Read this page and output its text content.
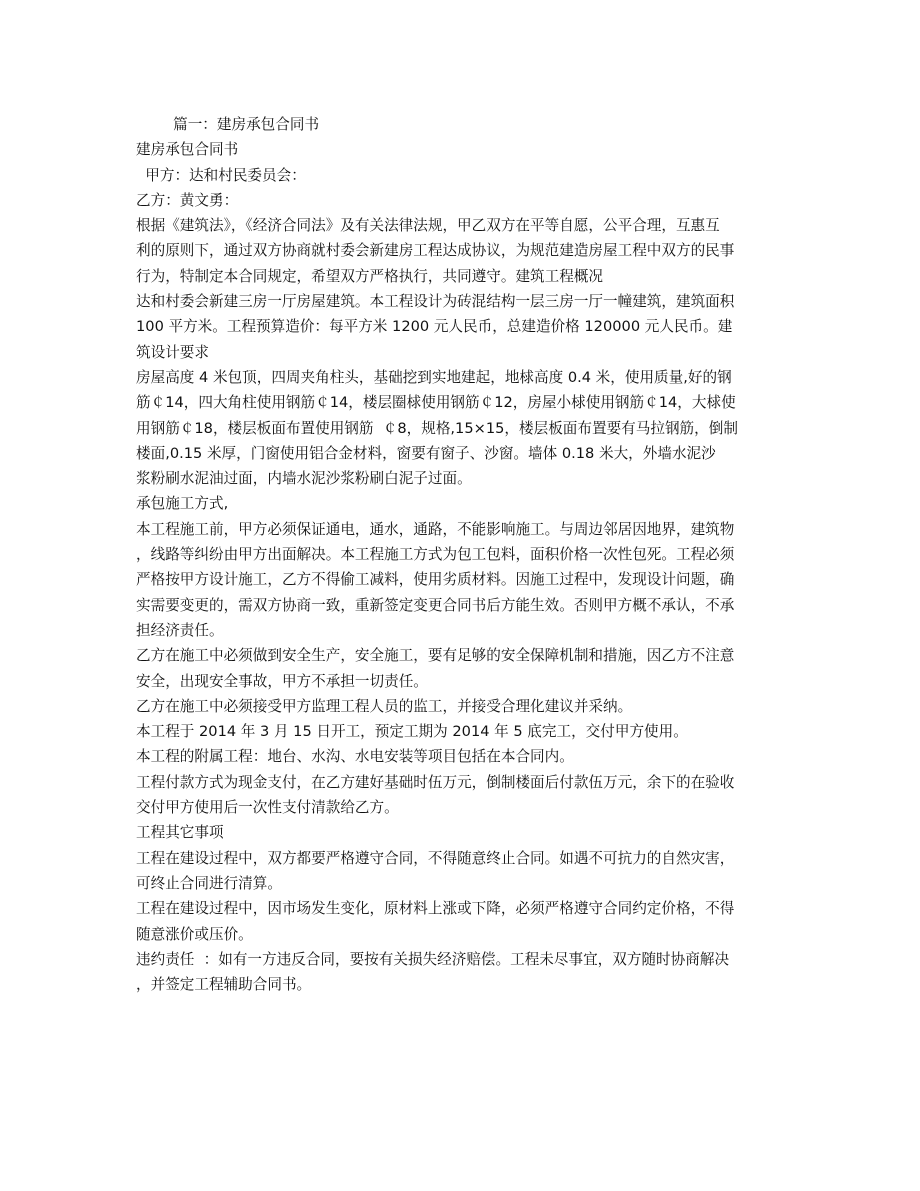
篇一：建房承包合同书
建房承包合同书
甲方：达和村民委员会：
乙方：黄文勇：
根据《建筑法》，《经济合同法》及有关法律法规，甲乙双方在平等自愿，公平合理，互惠互
利的原则下，通过双方协商就村委会新建房工程达成协议，为规范建造房屋工程中双方的民事
行为，特制定本合同规定，希望双方严格执行，共同遵守。建筑工程概况
达和村委会新建三房一厅房屋建筑。本工程设计为砖混结构一层三房一厅一幢建筑，建筑面积
100 平方米。工程预算造价：每平方米 1200 元人民币，总建造价格 120000 元人民币。建
筑设计要求
房屋高度 4 米包顶，四周夹角柱头，基础挖到实地建起，地梂高度 0.4 米，使用质量,好的钢
筋￠14，四大角柱使用钢筋￠14，楼层圈梂使用钢筋￠12，房屋小梂使用钢筋￠14，大梂使
用钢筋￠18，楼层板面布置使用钢筋  ￠8，规格,15×15，楼层板面布置要有马拉钢筋，倒制
楼面,0.15 米厚，门窗使用铝合金材料，窗要有窗子、沙窗。墙体 0.18 米大，外墙水泥沙
浆粉刷水泥油过面，内墙水泥沙浆粉刷白泥子过面。
承包施工方式,
本工程施工前，甲方必须保证通电，通水，通路，不能影响施工。与周边邻居因地界，建筑物
，线路等纠纷由甲方出面解决。本工程施工方式为包工包料，面积价格一次性包死。工程必须
严格按甲方设计施工，乙方不得偷工减料，使用劣质材料。因施工过程中，发现设计问题，确
实需要变更的，需双方协商一致，重新签定变更合同书后方能生效。否则甲方概不承认，不承
担经济责任。
乙方在施工中必须做到安全生产，安全施工，要有足够的安全保障机制和措施，因乙方不注意
安全，出现安全事故，甲方不承担一切责任。
乙方在施工中必须接受甲方监理工程人员的监工，并接受合理化建议并采纳。
本工程于 2014 年 3 月 15 日开工，预定工期为 2014 年 5 底完工，交付甲方使用。
本工程的附属工程：地台、水沟、水电安装等项目包括在本合同内。
工程付款方式为现金支付，在乙方建好基础时伍万元，倒制楼面后付款伍万元，余下的在验收
交付甲方使用后一次性支付清款给乙方。
工程其它事项
工程在建设过程中，双方都要严格遵守合同，不得随意终止合同。如遇不可抗力的自然灾害，
可终止合同进行清算。
工程在建设过程中，因市场发生变化，原材料上涨或下降，必须严格遵守合同约定价格，不得
随意涨价或压价。
违约责任  ：如有一方违反合同，要按有关损失经济赔偿。工程未尽事宜，双方随时协商解决
，并签定工程辅助合同书。
